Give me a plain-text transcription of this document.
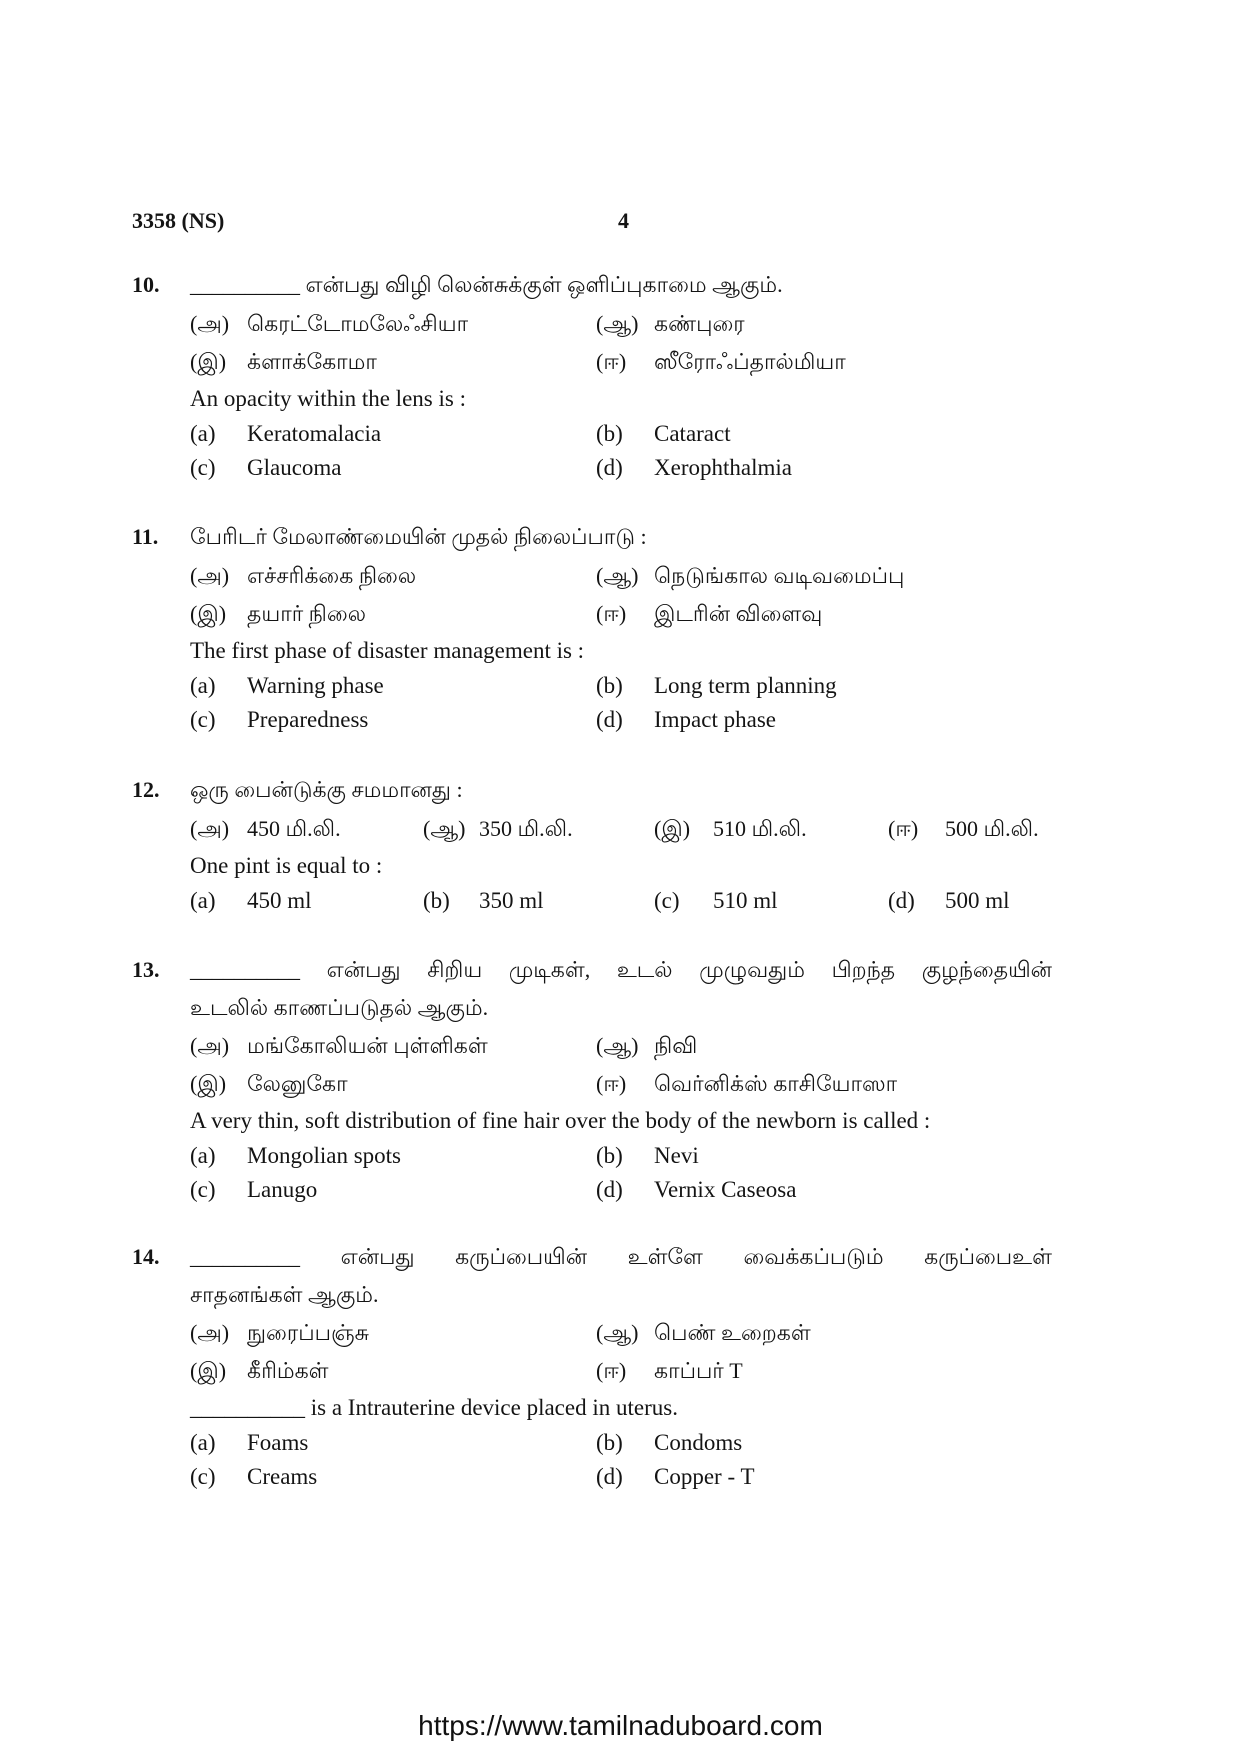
3358 (NS)	4
10. __________ என்பது விழி லென்சுக்குள் ஒளிப்புகாமை ஆகும்.
(அ) கெரட்டோமலேஃசியா	(ஆ) கண்புரை
(இ) க்ளாக்கோமா	(ஈ) ஸீரோஃப்தால்மியா
An opacity within the lens is :
(a) Keratomalacia	(b) Cataract
(c) Glaucoma	(d) Xerophthalmia
11. பேரிடர் மேலாண்மையின் முதல் நிலைப்பாடு :
(அ) எச்சரிக்கை நிலை	(ஆ) நெடுங்கால வடிவமைப்பு
(இ) தயார் நிலை	(ஈ) இடரின் விளைவு
The first phase of disaster management is :
(a) Warning phase	(b) Long term planning
(c) Preparedness	(d) Impact phase
12. ஒரு பைன்டுக்கு சமமானது :
(அ) 450 மி.லி.	(ஆ) 350 மி.லி.	(இ) 510 மி.லி.	(ஈ) 500 மி.லி.
One pint is equal to :
(a) 450 ml	(b) 350 ml	(c) 510 ml	(d) 500 ml
13. __________ என்பது சிறிய முடிகள், உடல் முழுவதும் பிறந்த குழந்தையின்
உடலில் காணப்படுதல் ஆகும்.
(அ) மங்கோலியன் புள்ளிகள்	(ஆ) நிவி
(இ) லேனுகோ	(ஈ) வெர்னிக்ஸ் காசியோஸா
A very thin, soft distribution of fine hair over the body of the newborn is called :
(a) Mongolian spots	(b) Nevi
(c) Lanugo	(d) Vernix Caseosa
14. __________ என்பது கருப்பையின் உள்ளே வைக்கப்படும் கருப்பைஉள்
சாதனங்கள் ஆகும்.
(அ) நுரைப்பஞ்சு	(ஆ) பெண் உறைகள்
(இ) கீரிம்கள்	(ஈ) காப்பர் T
__________ is a Intrauterine device placed in uterus.
(a) Foams	(b) Condoms
(c) Creams	(d) Copper - T
https://www.tamilnaduboard.com
